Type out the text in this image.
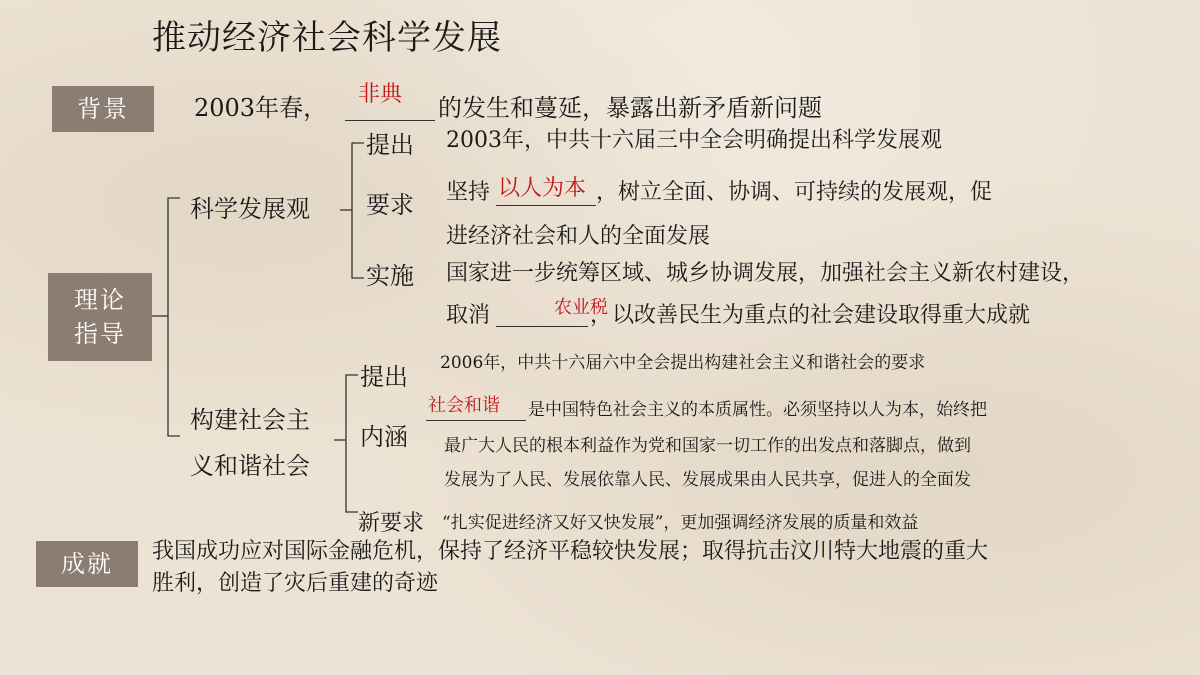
推动经济社会科学发展
背景
理论
指导
成就
2003年春， 非典 的发生和蔓延，暴露出新矛盾新问题
科学发展观
提出 2003年，中共十六届三中全会明确提出科学发展观
要求 坚持 以人为本 ，树立全面、协调、可持续的发展观，促
进经济社会和人的全面发展
实施 国家进一步统筹区域、城乡协调发展，加强社会主义新农村建设，
取消	农业税
，以改善民生为重点的社会建设取得重大成就
构建社会主
义和谐社会
提出 2006年，中共十六届六中全会提出构建社会主义和谐社会的要求
内涵
社会和谐 是中国特色社会主义的本质属性。必须坚持以人为本，始终把
最广大人民的根本利益作为党和国家一切工作的出发点和落脚点，做到
发展为了人民、发展依靠人民、发展成果由人民共享，促进人的全面发
新要求 “扎实促进经济又好又快发展”，更加强调经济发展的质量和效益
我国成功应对国际金融危机，保持了经济平稳较快发展；取得抗击汶川特大地震的重大
胜利，创造了灾后重建的奇迹
